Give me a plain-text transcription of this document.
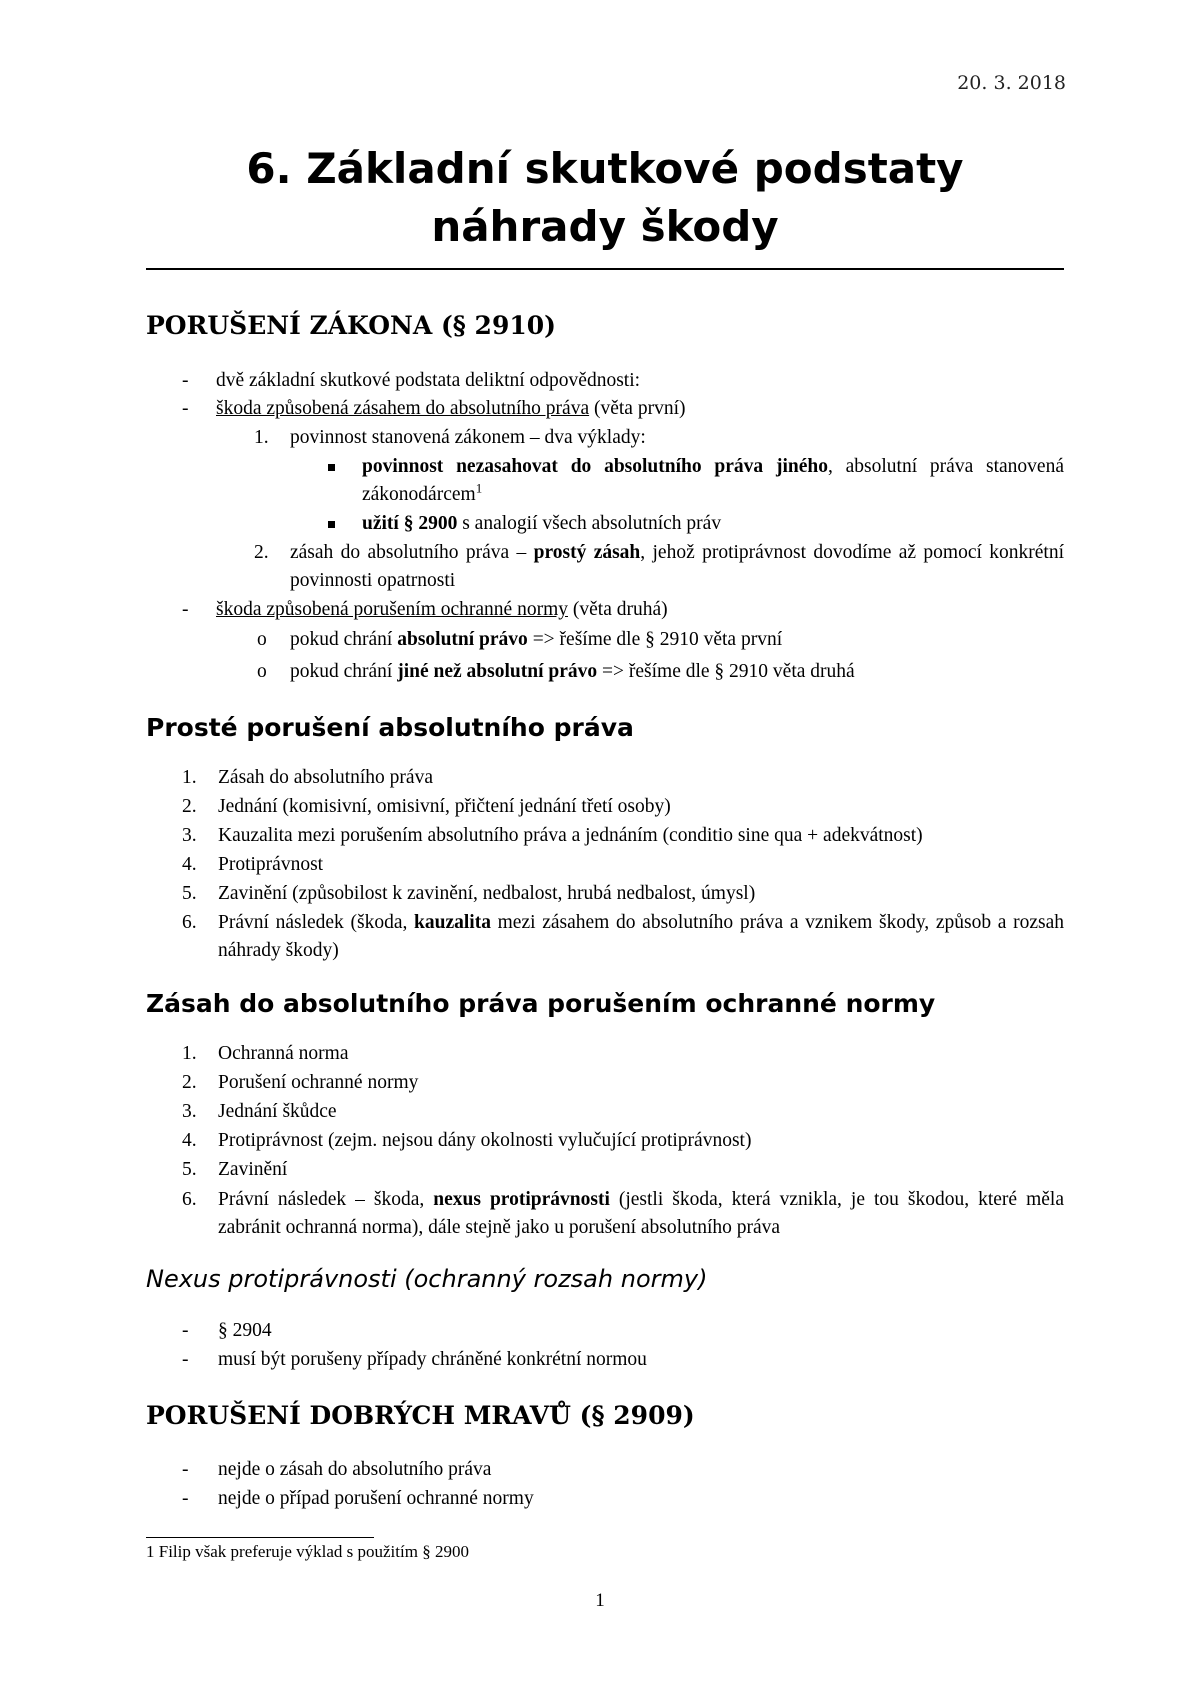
20. 3. 2018
6. Základní skutkové podstaty
náhrady škody
PORUŠENÍ ZÁKONA (§ 2910)
- dvě základní skutkové podstata deliktní odpovědnosti:
- škoda způsobená zásahem do absolutního práva (věta první)
1. povinnost stanovená zákonem – dva výklady:
povinnost nezasahovat do absolutního práva jiného, absolutní práva stanovená zákonodárcem$^1$
užití § 2900 s analogií všech absolutních práv
2. zásah do absolutního práva – prostý zásah, jehož protiprávnost dovodíme až pomocí konkrétní povinnosti opatrnosti
- škoda způsobená porušením ochranné normy (věta druhá)
o pokud chrání absolutní právo => řešíme dle § 2910 věta první
o pokud chrání jiné než absolutní právo => řešíme dle § 2910 věta druhá
Prosté porušení absolutního práva
1. Zásah do absolutního práva
2. Jednání (komisivní, omisivní, přičtení jednání třetí osoby)
3. Kauzalita mezi porušením absolutního práva a jednáním (conditio sine qua + adekvátnost)
4. Protiprávnost
5. Zavinění (způsobilost k zavinění, nedbalost, hrubá nedbalost, úmysl)
6. Právní následek (škoda, kauzalita mezi zásahem do absolutního práva a vznikem škody, způsob a rozsah náhrady škody)
Zásah do absolutního práva porušením ochranné normy
1. Ochranná norma
2. Porušení ochranné normy
3. Jednání škůdce
4. Protiprávnost (zejm. nejsou dány okolnosti vylučující protiprávnost)
5. Zavinění
6. Právní následek – škoda, nexus protiprávnosti (jestli škoda, která vznikla, je tou škodou, které měla zabránit ochranná norma), dále stejně jako u porušení absolutního práva
Nexus protiprávnosti (ochranný rozsah normy)
- § 2904
- musí být porušeny případy chráněné konkrétní normou
PORUŠENÍ DOBRÝCH MRAVŮ (§ 2909)
- nejde o zásah do absolutního práva
- nejde o případ porušení ochranné normy
1 Filip však preferuje výklad s použitím § 2900
1
